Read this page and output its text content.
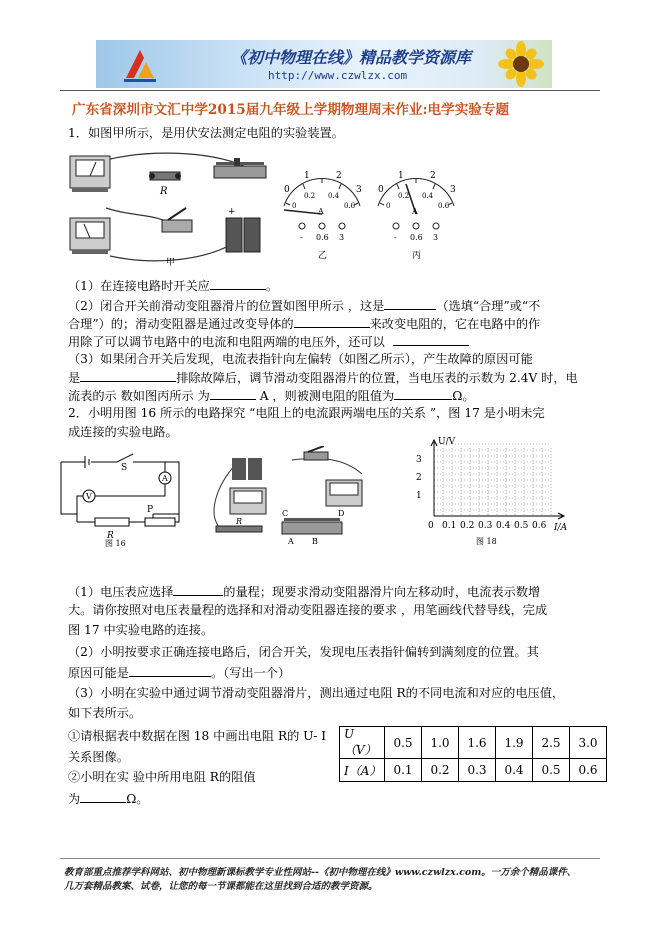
《初中物理在线》精品教学资源库
http://www.czwlzx.com
广东省深圳市文汇中学2015届九年级上学期物理周末作业:电学实验专题
1．如图甲所示，是用伏安法测定电阻的实验装置。
R
+
甲
0
1	2
3
0
0.2 0.4
0.6
A
- 0.6 3
乙
0
1	2
3
0
0.2 0.4
0.6
A
- 0.6 3
丙
（1）在连接电路时开关应	。
（2）闭合开关前滑动变阻器滑片的位置如图甲所示 ，这是	（选填“合理”或“不
合理”）的；滑动变阻器是通过改变导体的	来改变电阻的，它在电路中的作
用除了可以调节电路中的电流和电阻两端的电压外，还可以
（3）如果闭合开关后发现，电流表指针向左偏转（如图乙所示），产生故障的原因可能
是	排除故障后，调节滑动变阻器滑片的位置，当电压表的示数为 2.4V 时，电
流表的示 数如图丙所示 为	A ，则被测电阻的阻值为	Ω。
2．小明用图 16 所示的电路探究 “电阻上的电流跟两端电压的关系 ”，图 17 是小明未完
成连接的实验电路。
S
V
A
R
P
图 16
R
C	D
A B
U/V
I/A
3
2
1
0 0.1 0.2 0.3 0.4 0.5 0.6
图 18
（1）电压表应选择	的量程；现要求滑动变阻器滑片向左移动时，电流表示数增
大。请你按照对电压表量程的选择和对滑动变阻器连接的要求 ，用笔画线代替导线，完成
图 17 中实验电路的连接。
（2）小明按要求正确连接电路后，闭合开关，发现电压表指针偏转到满刻度的位置。其
原因可能是	。（写出一个）
（3）小明在实验中通过调节滑动变阻器滑片，测出通过电阻 R的不同电流和对应的电压值，
如下表所示。
①请根据表中数据在图 18 中画出电阻 R的 U- I
关系图像。
②小明在实 验中所用电阻 R的阻值
为	Ω。
U（V）	0.5	1.0	1.6	1.9	2.5	3.0
I（A）	0.1	0.2	0.3	0.4	0.5	0.6
教育部重点推荐学科网站、初中物理新课标教学专业性网站--《初中物理在线》www.czwlzx.com。一万余个精品课件、
几万套精品教案、试卷，让您的每一节课都能在这里找到合适的教学资源。
